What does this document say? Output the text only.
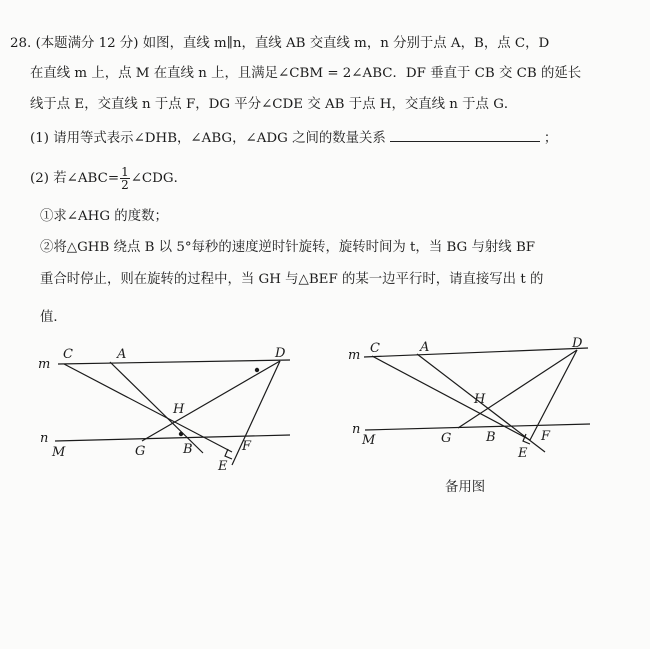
28. (本题满分 12 分) 如图，直线 m∥n，直线 AB 交直线 m，n 分别于点 A，B，点 C，D
在直线 m 上，点 M 在直线 n 上，且满足∠CBM = 2∠ABC．DF 垂直于 CB 交 CB 的延长
线于点 E，交直线 n 于点 F，DG 平分∠CDE 交 AB 于点 H，交直线 n 于点 G．
(1) 请用等式表示∠DHB，∠ABG，∠ADG 之间的数量关系	；
(2) 若∠ABC= $\frac{1}{2}$ ∠CDG．
①求∠AHG 的度数；
②将△GHB 绕点 B 以 5°每秒的速度逆时针旋转，旋转时间为 t，当 BG 与射线 BF
重合时停止，则在旋转的过程中，当 GH 与△BEF 的某一边平行时，请直接写出 t 的
值．
m
C	A	D
H
n
M	G	B	F
E
m C	A	D
H
n
M	G	B	F
E
备用图
